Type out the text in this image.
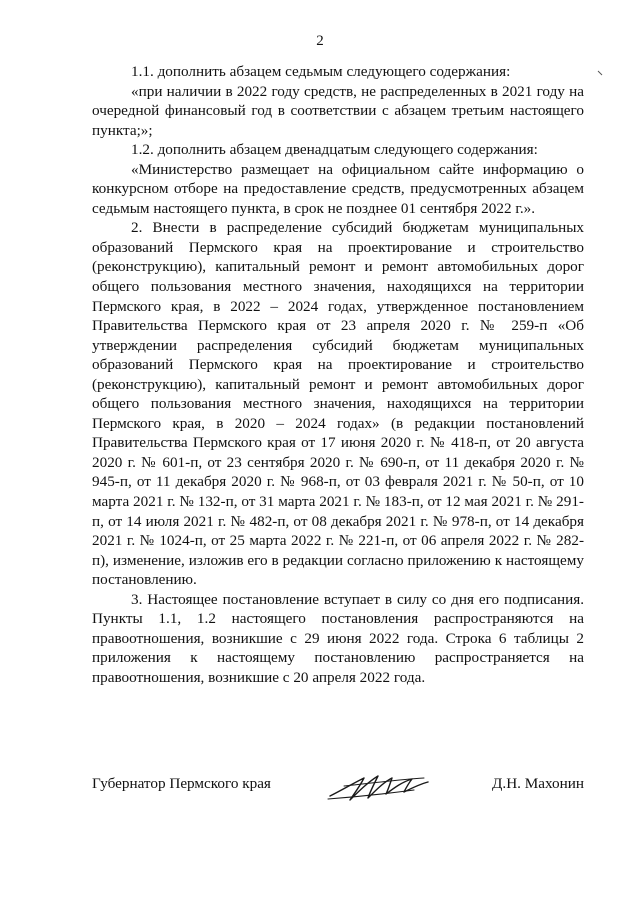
2

1.1. дополнить абзацем седьмым следующего содержания:

«при наличии в 2022 году средств, не распределенных в 2021 году на очередной финансовый год в соответствии с абзацем третьим настоящего пункта;»;

1.2. дополнить абзацем двенадцатым следующего содержания:

«Министерство размещает на официальном сайте информацию о конкурсном отборе на предоставление средств, предусмотренных абзацем седьмым настоящего пункта, в срок не позднее 01 сентября 2022 г.».

2. Внести в распределение субсидий бюджетам муниципальных образований Пермского края на проектирование и строительство (реконструкцию), капитальный ремонт и ремонт автомобильных дорог общего пользования местного значения, находящихся на территории Пермского края, в 2022 – 2024 годах, утвержденное постановлением Правительства Пермского края от 23 апреля 2020 г. № 259-п «Об утверждении распределения субсидий бюджетам муниципальных образований Пермского края на проектирование и строительство (реконструкцию), капитальный ремонт и ремонт автомобильных дорог общего пользования местного значения, находящихся на территории Пермского края, в 2020 – 2024 годах» (в редакции постановлений Правительства Пермского края от 17 июня 2020 г. № 418-п, от 20 августа 2020 г. № 601-п, от 23 сентября 2020 г. № 690-п, от 11 декабря 2020 г. № 945-п, от 11 декабря 2020 г. № 968-п, от 03 февраля 2021 г. № 50-п, от 10 марта 2021 г. № 132-п, от 31 марта 2021 г. № 183-п, от 12 мая 2021 г. № 291-п, от 14 июля 2021 г. № 482-п, от 08 декабря 2021 г. № 978-п, от 14 декабря 2021 г. № 1024-п, от 25 марта 2022 г. № 221-п, от 06 апреля 2022 г. № 282-п), изменение, изложив его в редакции согласно приложению к настоящему постановлению.

3. Настоящее постановление вступает в силу со дня его подписания. Пункты 1.1, 1.2 настоящего постановления распространяются на правоотношения, возникшие с 29 июня 2022 года. Строка 6 таблицы 2 приложения к настоящему постановлению распространяется на правоотношения, возникшие с 20 апреля 2022 года.

Губернатор Пермского края	Д.Н. Махонин
